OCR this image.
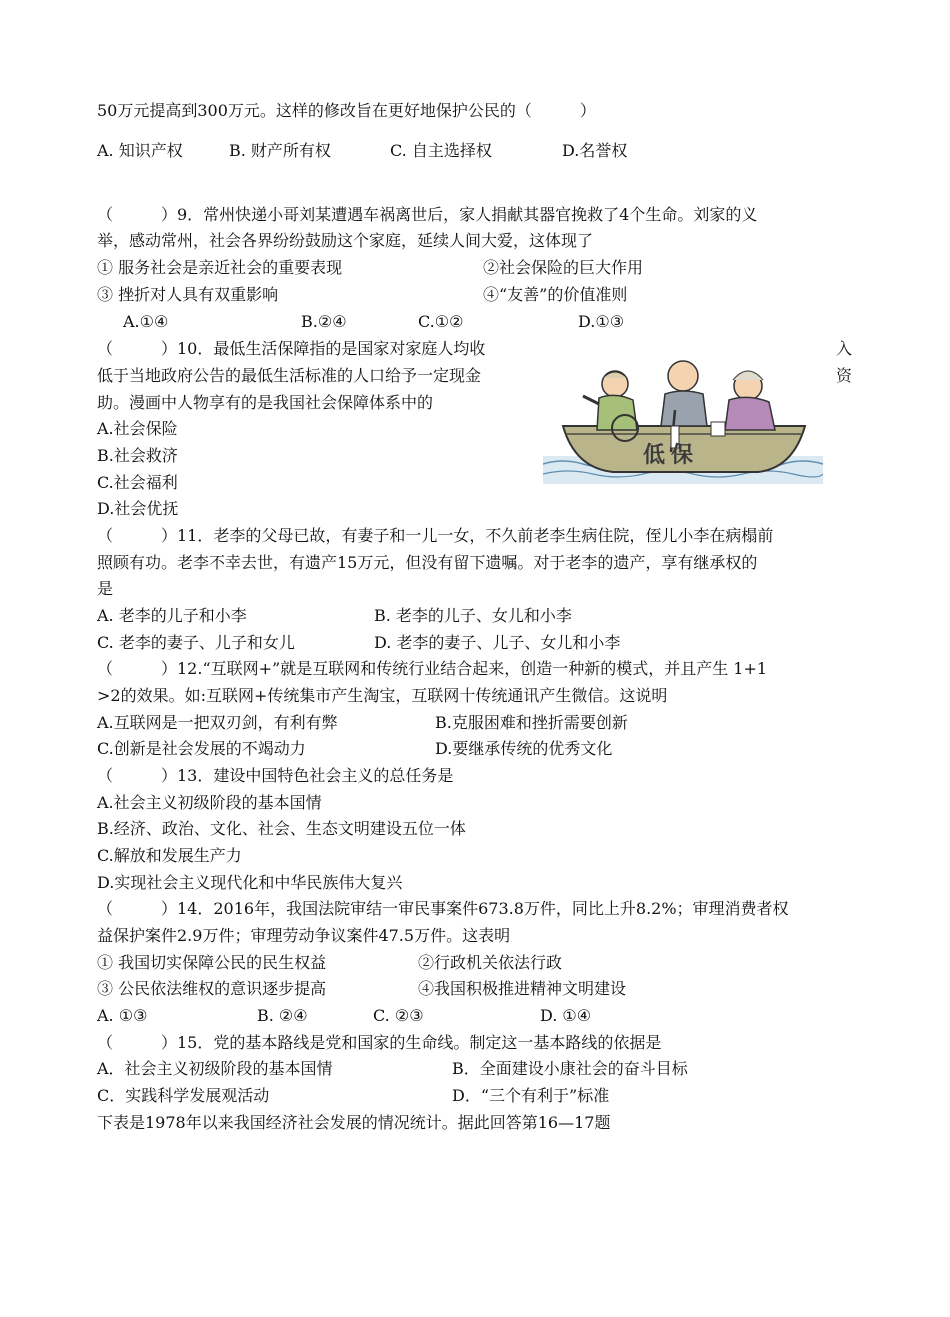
50万元提高到300万元。这样的修改旨在更好地保护公民的（　　　）
A. 知识产权	B. 财产所有权	C. 自主选择权	D.名誉权
（　　　）9．常州快递小哥刘某遭遇车祸离世后，家人捐献其器官挽救了4个生命。刘家的义
举，感动常州，社会各界纷纷鼓励这个家庭，延续人间大爱，这体现了
① 服务社会是亲近社会的重要表现	②社会保险的巨大作用
③ 挫折对人具有双重影响	④“友善”的价值准则
A.①④	B.②④	C.①②	D.①③
（　　　）10．最低生活保障指的是国家对家庭人均收	入
低于当地政府公告的最低生活标准的人口给予一定现金	资
助。漫画中人物享有的是我国社会保障体系中的
A.社会保险
B.社会救济
C.社会福利
D.社会优抚
低保
（　　　）11．老李的父母已故，有妻子和一儿一女，不久前老李生病住院，侄儿小李在病榻前
照顾有功。老李不幸去世，有遗产15万元，但没有留下遗嘱。对于老李的遗产，享有继承权的
是
A. 老李的儿子和小李	B. 老李的儿子、女儿和小李
C. 老李的妻子、儿子和女儿	D. 老李的妻子、儿子、女儿和小李
（　　　）12.“互联网+”就是互联网和传统行业结合起来，创造一种新的模式，并且产生 1+1
>2的效果。如:互联网+传统集市产生淘宝，互联网十传统通讯产生微信。这说明
A.互联网是一把双刃剑，有利有弊	B.克服困难和挫折需要创新
C.创新是社会发展的不竭动力	D.要继承传统的优秀文化
（　　　）13．建设中国特色社会主义的总任务是
A.社会主义初级阶段的基本国情
B.经济、政治、文化、社会、生态文明建设五位一体
C.解放和发展生产力
D.实现社会主义现代化和中华民族伟大复兴
（　　　）14．2016年，我国法院审结一审民事案件673.8万件，同比上升8.2%；审理消费者权
益保护案件2.9万件；审理劳动争议案件47.5万件。这表明
① 我国切实保障公民的民生权益	②行政机关依法行政
③ 公民依法维权的意识逐步提高	④我国积极推进精神文明建设
A. ①③	B. ②④	C. ②③	D. ①④
（　　　）15．党的基本路线是党和国家的生命线。制定这一基本路线的依据是
A．社会主义初级阶段的基本国情	B．全面建设小康社会的奋斗目标
C．实践科学发展观活动	D．“三个有利于”标准
下表是1978年以来我国经济社会发展的情况统计。据此回答第16—17题
